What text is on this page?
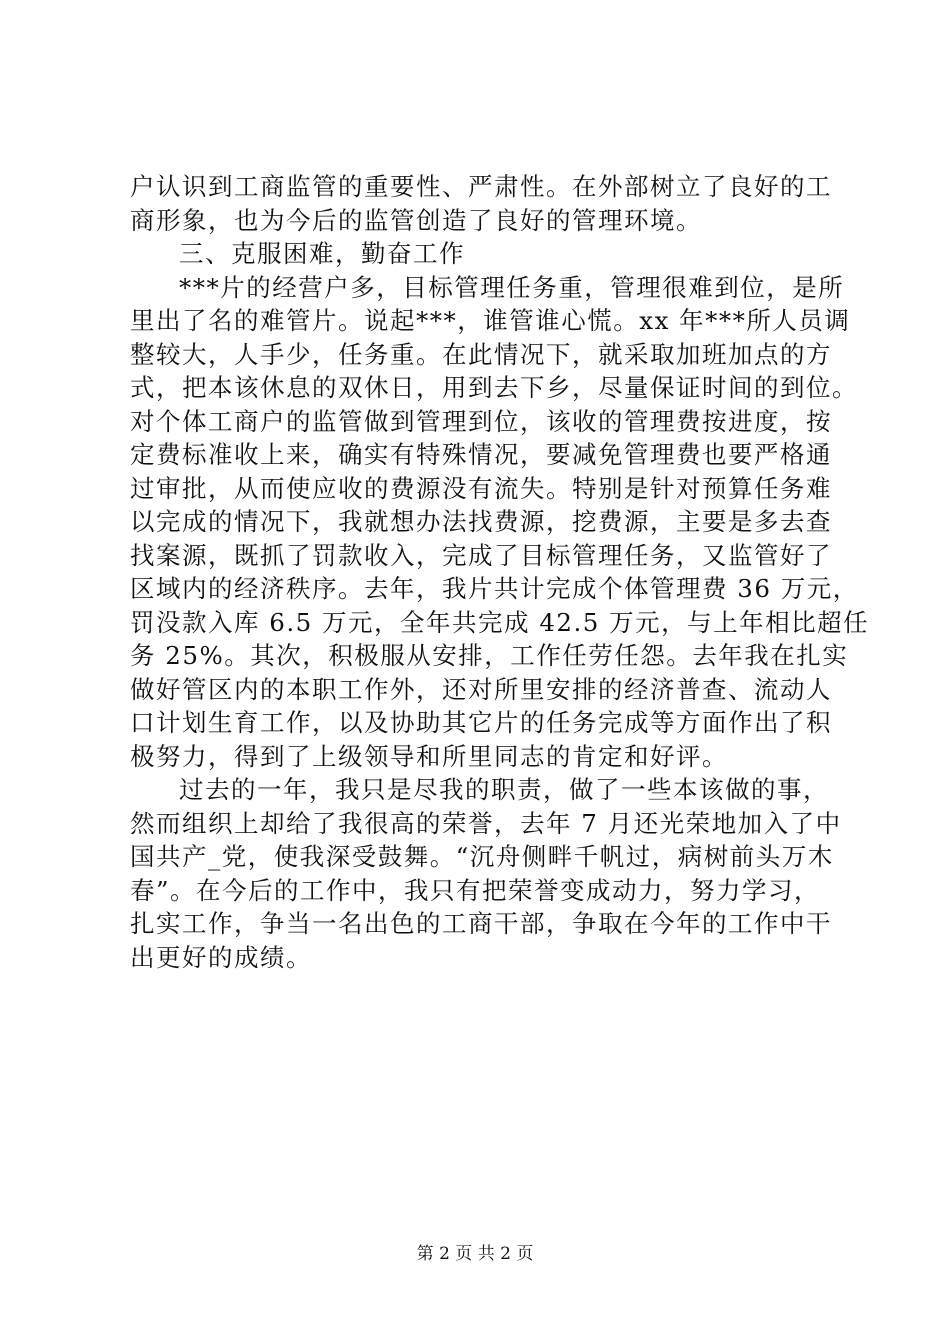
户认识到工商监管的重要性、严肃性。在外部树立了良好的工
商形象，也为今后的监管创造了良好的管理环境。
三、克服困难，勤奋工作
***片的经营户多，目标管理任务重，管理很难到位，是所
里出了名的难管片。说起***，谁管谁心慌。xx 年***所人员调
整较大，人手少，任务重。在此情况下，就采取加班加点的方
式，把本该休息的双休日，用到去下乡，尽量保证时间的到位。
对个体工商户的监管做到管理到位，该收的管理费按进度，按
定费标准收上来，确实有特殊情况，要减免管理费也要严格通
过审批，从而使应收的费源没有流失。特别是针对预算任务难
以完成的情况下，我就想办法找费源，挖费源，主要是多去查
找案源，既抓了罚款收入，完成了目标管理任务，又监管好了
区域内的经济秩序。去年，我片共计完成个体管理费 36 万元，
罚没款入库 6.5 万元，全年共完成 42.5 万元，与上年相比超任
务 25%。其次，积极服从安排，工作任劳任怨。去年我在扎实
做好管区内的本职工作外，还对所里安排的经济普查、流动人
口计划生育工作，以及协助其它片的任务完成等方面作出了积
极努力，得到了上级领导和所里同志的肯定和好评。
过去的一年，我只是尽我的职责，做了一些本该做的事，
然而组织上却给了我很高的荣誉，去年 7 月还光荣地加入了中
国共产_党，使我深受鼓舞。“沉舟侧畔千帆过，病树前头万木
春”。在今后的工作中，我只有把荣誉变成动力，努力学习，
扎实工作，争当一名出色的工商干部，争取在今年的工作中干
出更好的成绩。
第 2 页 共 2 页
